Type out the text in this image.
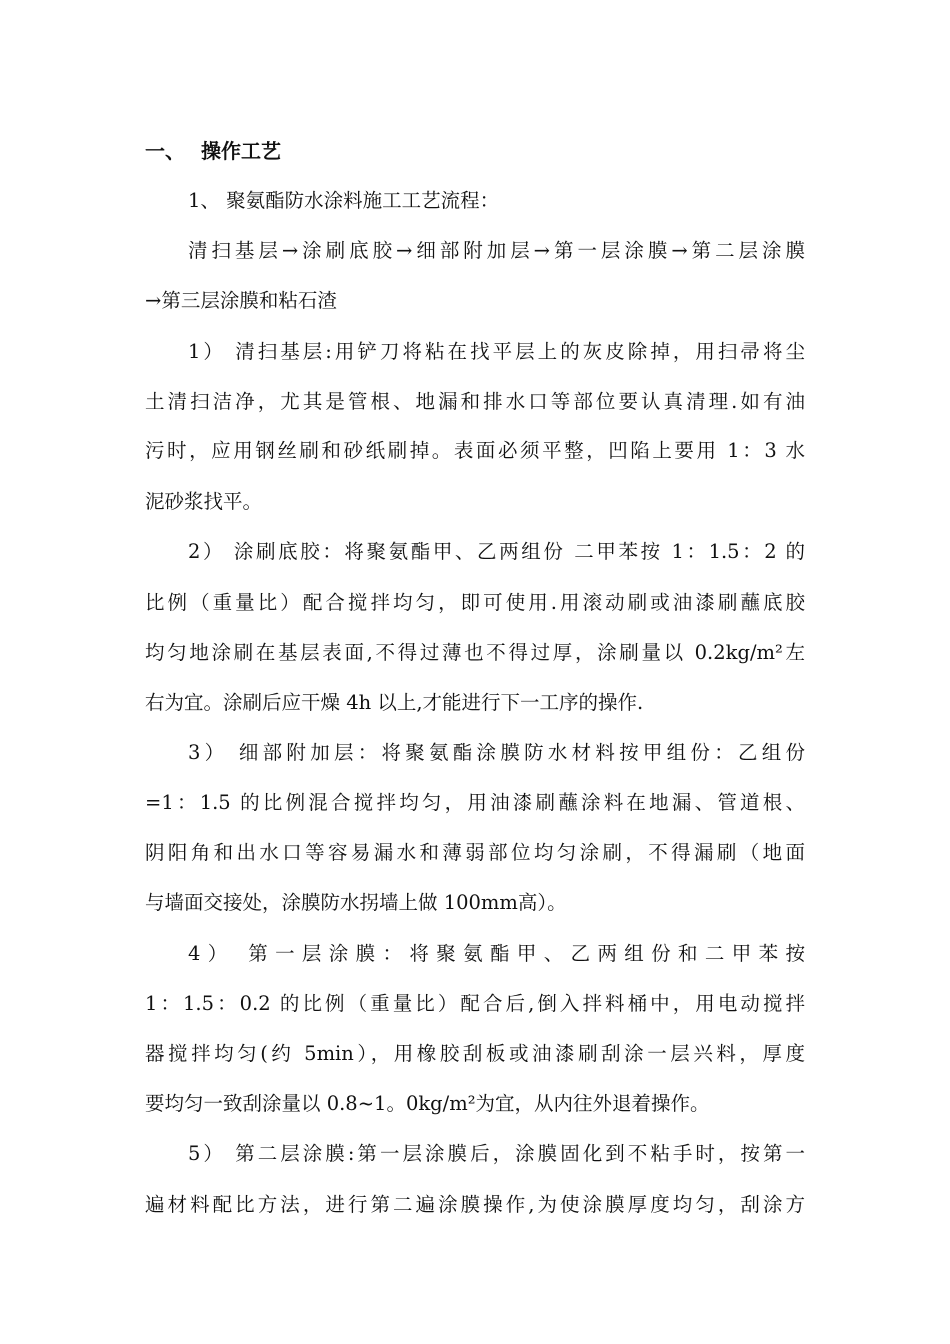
一、 操作工艺
1、 聚氨酯防水涂料施工工艺流程：
清扫基层→涂刷底胶→细部附加层→第一层涂膜→第二层涂膜
→第三层涂膜和粘石渣
1） 清扫基层:用铲刀将粘在找平层上的灰皮除掉，用扫帚将尘
土清扫洁净，尤其是管根、地漏和排水口等部位要认真清理.如有油
污时，应用钢丝刷和砂纸刷掉。表面必须平整，凹陷上要用 1：3 水
泥砂浆找平。
2） 涂刷底胶：将聚氨酯甲、乙两组份 二甲苯按 1：1.5：2 的
比例（重量比）配合搅拌均匀，即可使用.用滚动刷或油漆刷蘸底胶
均匀地涂刷在基层表面,不得过薄也不得过厚，涂刷量以 0.2kg/m²左
右为宜。涂刷后应干燥 4h 以上,才能进行下一工序的操作.
3） 细部附加层：将聚氨酯涂膜防水材料按甲组份：乙组份
=1：1.5 的比例混合搅拌均匀，用油漆刷蘸涂料在地漏、管道根、
阴阳角和出水口等容易漏水和薄弱部位均匀涂刷，不得漏刷（地面
与墙面交接处，涂膜防水拐墙上做 100mm高）。
4） 第一层涂膜：将聚氨酯甲、乙两组份和二甲苯按
1：1.5：0.2 的比例（重量比）配合后,倒入拌料桶中，用电动搅拌
器搅拌均匀(约 5min），用橡胶刮板或油漆刷刮涂一层兴料，厚度
要均匀一致刮涂量以 0.8~1。0kg/m²为宜，从内往外退着操作。
5） 第二层涂膜:第一层涂膜后，涂膜固化到不粘手时，按第一
遍材料配比方法，进行第二遍涂膜操作,为使涂膜厚度均匀，刮涂方
